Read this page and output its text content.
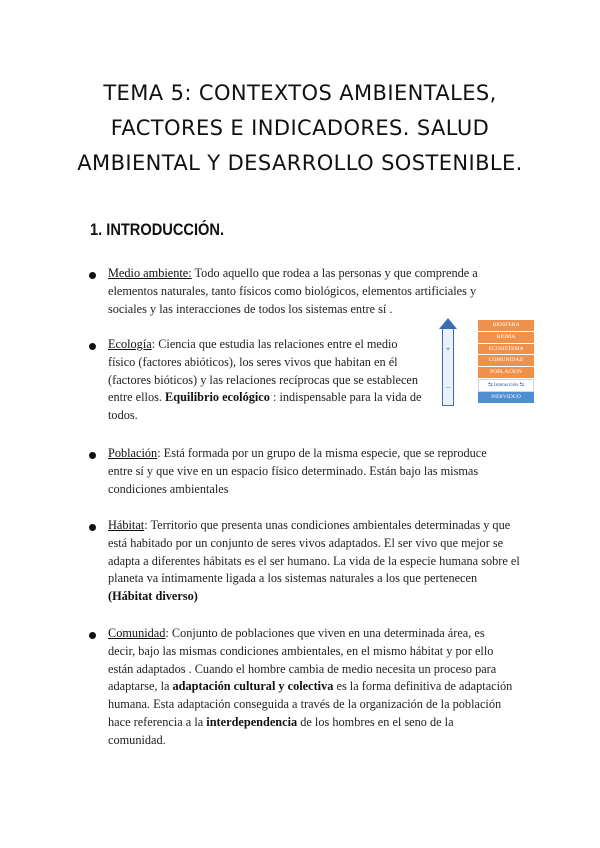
TEMA 5: CONTEXTOS AMBIENTALES,
FACTORES E INDICADORES. SALUD
AMBIENTAL Y DESARROLLO SOSTENIBLE.
1. INTRODUCCIÓN.
Medio ambiente: Todo aquello que rodea a las personas y que comprende a elementos naturales, tanto físicos como biológicos, elementos artificiales y sociales y las interacciones de todos los sistemas entre sí .
Ecología: Ciencia que estudia las relaciones entre el medio físico (factores abióticos), los seres vivos que habitan en él (factores bióticos) y las relaciones recíprocas que se establecen entre ellos. Equilibrio ecológico : indispensable para la vida de todos.
+
−
BIOSFERA
BIOMA
ECOSISTEMA
COMUNIDAD
POBLACION
⇆ Interacción ⇆
INDIVIDUO
Población: Está formada por un grupo de la misma especie, que se reproduce entre sí y que vive en un espacio físico determinado. Están bajo las mismas condiciones ambientales
Hábitat: Territorio que presenta unas condiciones ambientales determinadas y que está habitado por un conjunto de seres vivos adaptados. El ser vivo que mejor se adapta a diferentes hábitats es el ser humano. La vida de la especie humana sobre el planeta va íntimamente ligada a los sistemas naturales a los que pertenecen (Hábitat diverso)
Comunidad: Conjunto de poblaciones que viven en una determinada área, es decir, bajo las mismas condiciones ambientales, en el mismo hábitat y por ello están adaptados . Cuando el hombre cambia de medio necesita un proceso para adaptarse, la adaptación cultural y colectiva es la forma definitiva de adaptación humana. Esta adaptación conseguida a través de la organización de la población hace referencia a la interdependencia de los hombres en el seno de la comunidad.
